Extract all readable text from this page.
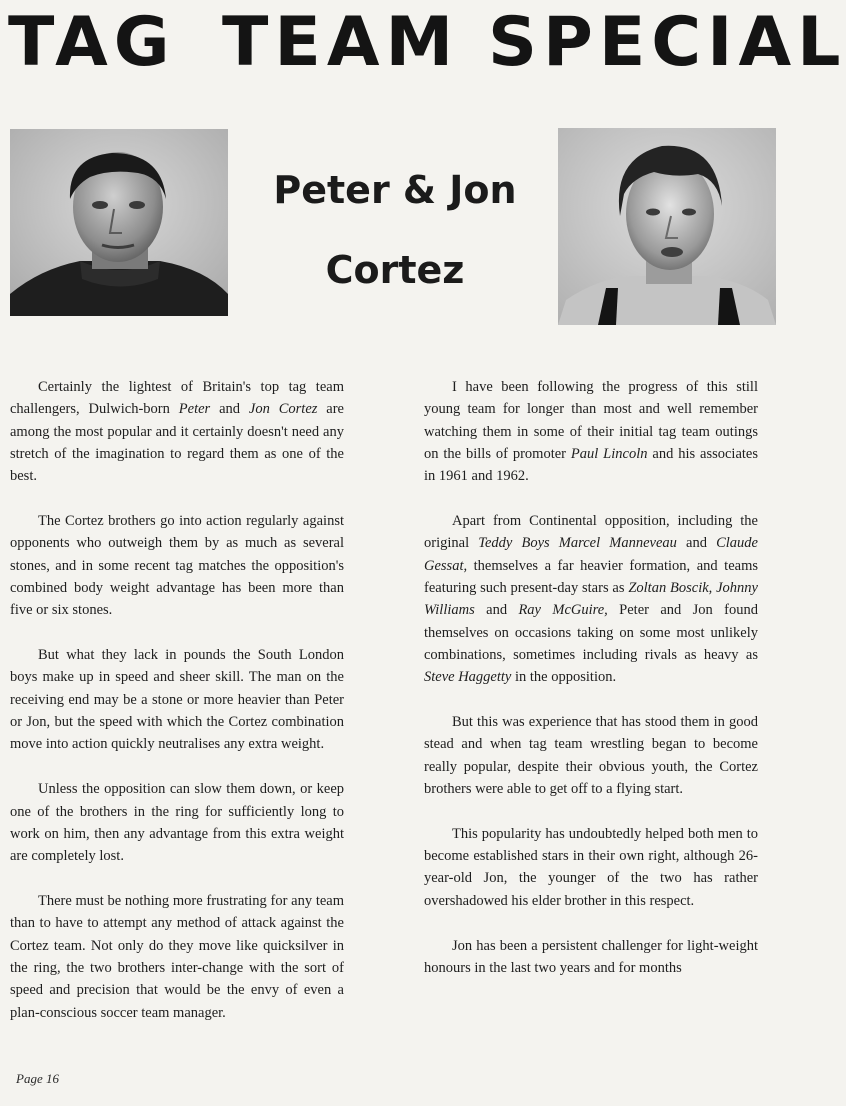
TAG TEAM SPECIAL
Peter & Jon
Cortez

Certainly the lightest of Britain's top tag team challengers, Dulwich-born Peter and Jon Cortez are among the most popular and it certainly doesn't need any stretch of the imagination to regard them as one of the best.

The Cortez brothers go into action regularly against opponents who outweigh them by as much as several stones, and in some recent tag matches the opposition's combined body weight advantage has been more than five or six stones.

But what they lack in pounds the South London boys make up in speed and sheer skill. The man on the receiving end may be a stone or more heavier than Peter or Jon, but the speed with which the Cortez combination move into action quickly neutralises any extra weight.

Unless the opposition can slow them down, or keep one of the brothers in the ring for sufficiently long to work on him, then any advantage from this extra weight are completely lost.

There must be nothing more frustrating for any team than to have to attempt any method of attack against the Cortez team. Not only do they move like quicksilver in the ring, the two brothers inter-change with the sort of speed and precision that would be the envy of even a plan-conscious soccer team manager.

I have been following the progress of this still young team for longer than most and well remember watching them in some of their initial tag team outings on the bills of promoter Paul Lincoln and his associates in 1961 and 1962.

Apart from Continental opposition, including the original Teddy Boys Marcel Manneveau and Claude Gessat, themselves a far heavier formation, and teams featuring such present-day stars as Zoltan Boscik, Johnny Williams and Ray McGuire, Peter and Jon found themselves on occasions taking on some most unlikely combinations, sometimes including rivals as heavy as Steve Haggetty in the opposition.

But this was experience that has stood them in good stead and when tag team wrestling began to become really popular, despite their obvious youth, the Cortez brothers were able to get off to a flying start.

This popularity has undoubtedly helped both men to become established stars in their own right, although 26-year-old Jon, the younger of the two has rather overshadowed his elder brother in this respect.

Jon has been a persistent challenger for light-weight honours in the last two years and for months

Page 16
